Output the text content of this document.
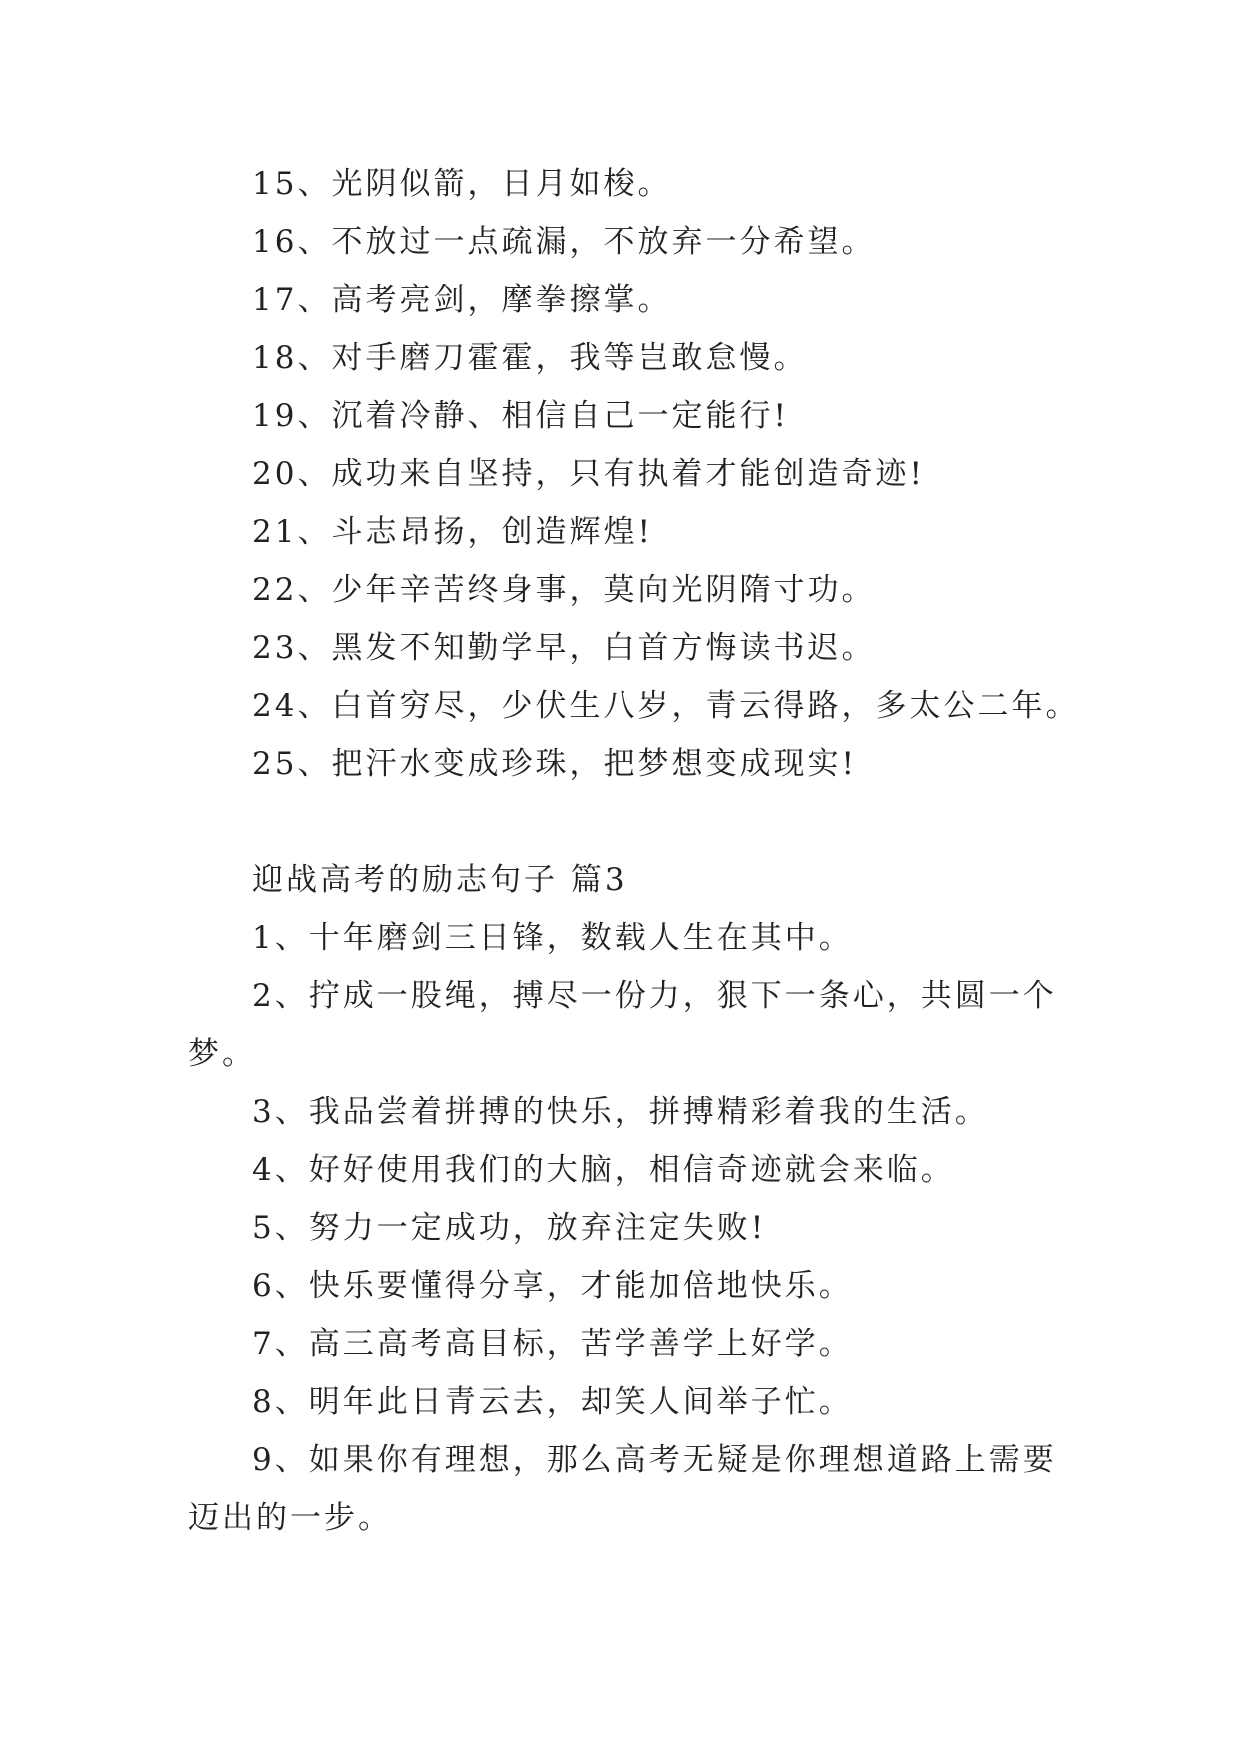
15、光阴似箭，日月如梭。
16、不放过一点疏漏，不放弃一分希望。
17、高考亮剑，摩拳擦掌。
18、对手磨刀霍霍，我等岂敢怠慢。
19、沉着冷静、相信自己一定能行!
20、成功来自坚持，只有执着才能创造奇迹!
21、斗志昂扬，创造辉煌!
22、少年辛苦终身事，莫向光阴隋寸功。
23、黑发不知勤学早，白首方悔读书迟。
24、白首穷尽，少伏生八岁，青云得路，多太公二年。
25、把汗水变成珍珠，把梦想变成现实!
迎战高考的励志句子 篇3
1、十年磨剑三日锋，数载人生在其中。
2、拧成一股绳，搏尽一份力，狠下一条心，共圆一个梦。
3、我品尝着拼搏的快乐，拼搏精彩着我的生活。
4、好好使用我们的大脑，相信奇迹就会来临。
5、努力一定成功，放弃注定失败!
6、快乐要懂得分享，才能加倍地快乐。
7、高三高考高目标，苦学善学上好学。
8、明年此日青云去，却笑人间举子忙。
9、如果你有理想，那么高考无疑是你理想道路上需要迈出的一步。
